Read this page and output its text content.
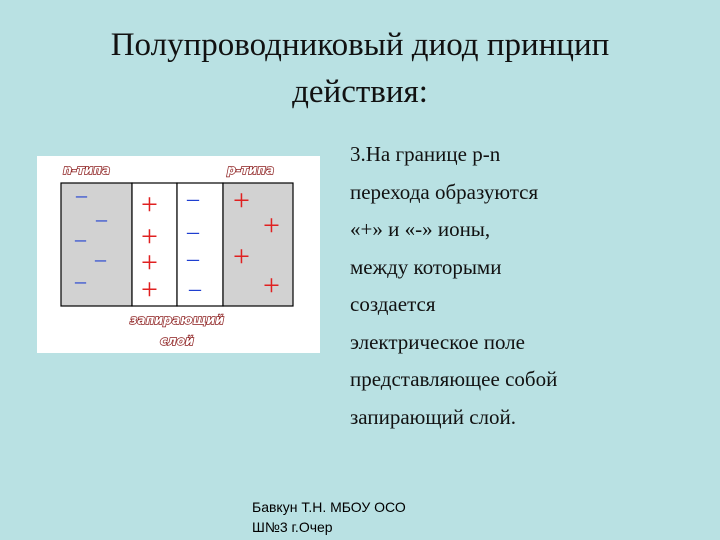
Полупроводниковый диод принцип
действия:
n-типа	p-типа
запирающий
слой
–
–
–
–
–
+
+
+
+
–
–
–
–
+
+
+
+
3.На границе p-n
перехода образуются
«+» и «-» ионы,
между которыми
создается
электрическое поле
представляющее собой
запирающий слой.
Бавкун Т.Н. МБОУ ОСО
Ш№3 г.Очер
